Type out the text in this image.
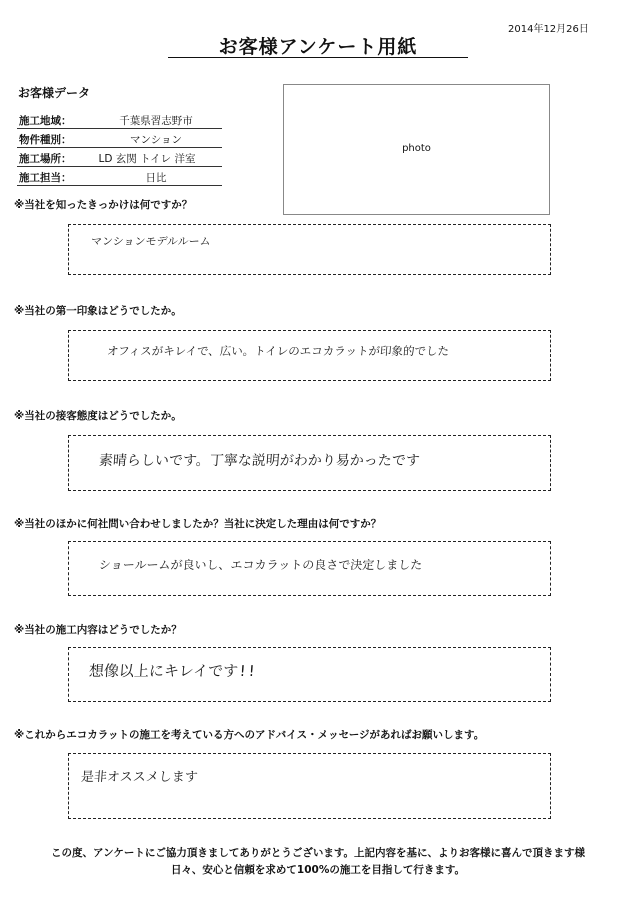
2014年12月26日
お客様アンケート用紙
お客様データ
施工地域：	千葉県習志野市
物件種別：	マンション
施工場所：	LD 玄関 トイレ 洋室
施工担当：	日比
photo
※当社を知ったきっかけは何ですか？
マンションモデルルーム
※当社の第一印象はどうでしたか。
オフィスがキレイで、広い。トイレのエコカラットが印象的でした
※当社の接客態度はどうでしたか。
素晴らしいです。丁寧な説明がわかり易かったです
※当社のほかに何社問い合わせしましたか？当社に決定した理由は何ですか？
ショールームが良いし、エコカラットの良さで決定しました
※当社の施工内容はどうでしたか？
想像以上にキレイです!!
※これからエコカラットの施工を考えている方へのアドバイス・メッセージがあればお願いします。
是非オススメします
この度、アンケートにご協力頂きましてありがとうございます。上記内容を基に、よりお客様に喜んで頂きます様
日々、安心と信頼を求めて100%の施工を目指して行きます。
